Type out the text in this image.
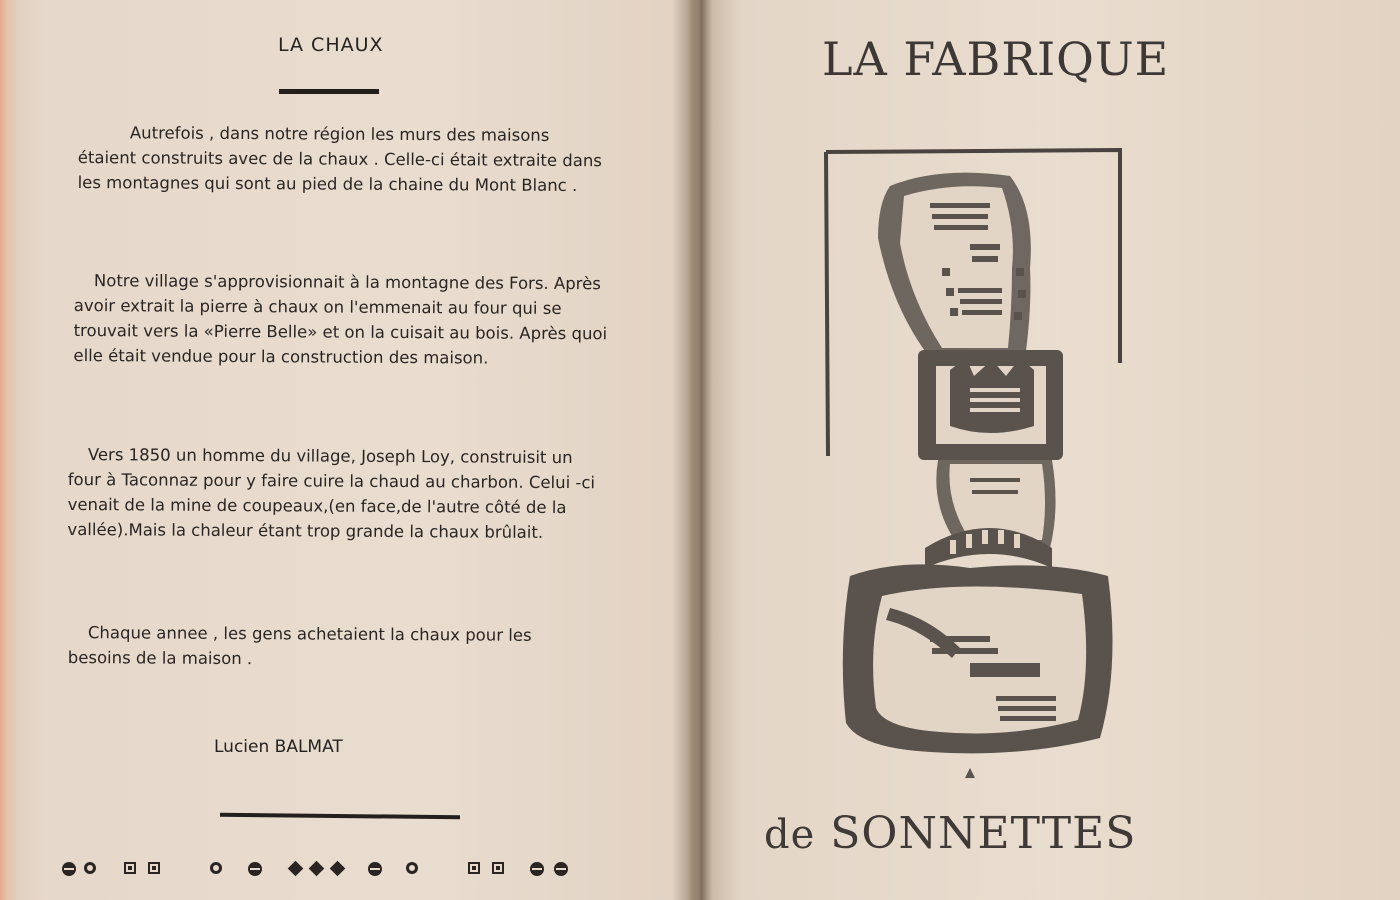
LA CHAUX
Autrefois , dans notre région les murs des maisons étaient construits avec de la chaux . Celle-ci était extraite dans les montagnes qui sont au pied de la chaine du Mont Blanc .
Notre village s'approvisionnait à la montagne des Fors. Après avoir extrait la pierre à chaux on l'emmenait au four qui se trouvait vers la «Pierre Belle» et on la cuisait au bois. Après quoi elle était vendue pour la construction des maison.
Vers 1850 un homme du village, Joseph Loy, construisit un four à Taconnaz pour y faire cuire la chaud au charbon. Celui -ci venait de la mine de coupeaux,(en face,de l'autre côté de la vallée).Mais la chaleur étant trop grande la chaux brûlait.
Chaque annee , les gens achetaient la chaux pour les besoins de la maison .
Lucien BALMAT
LA FABRIQUE
de SONNETTES
